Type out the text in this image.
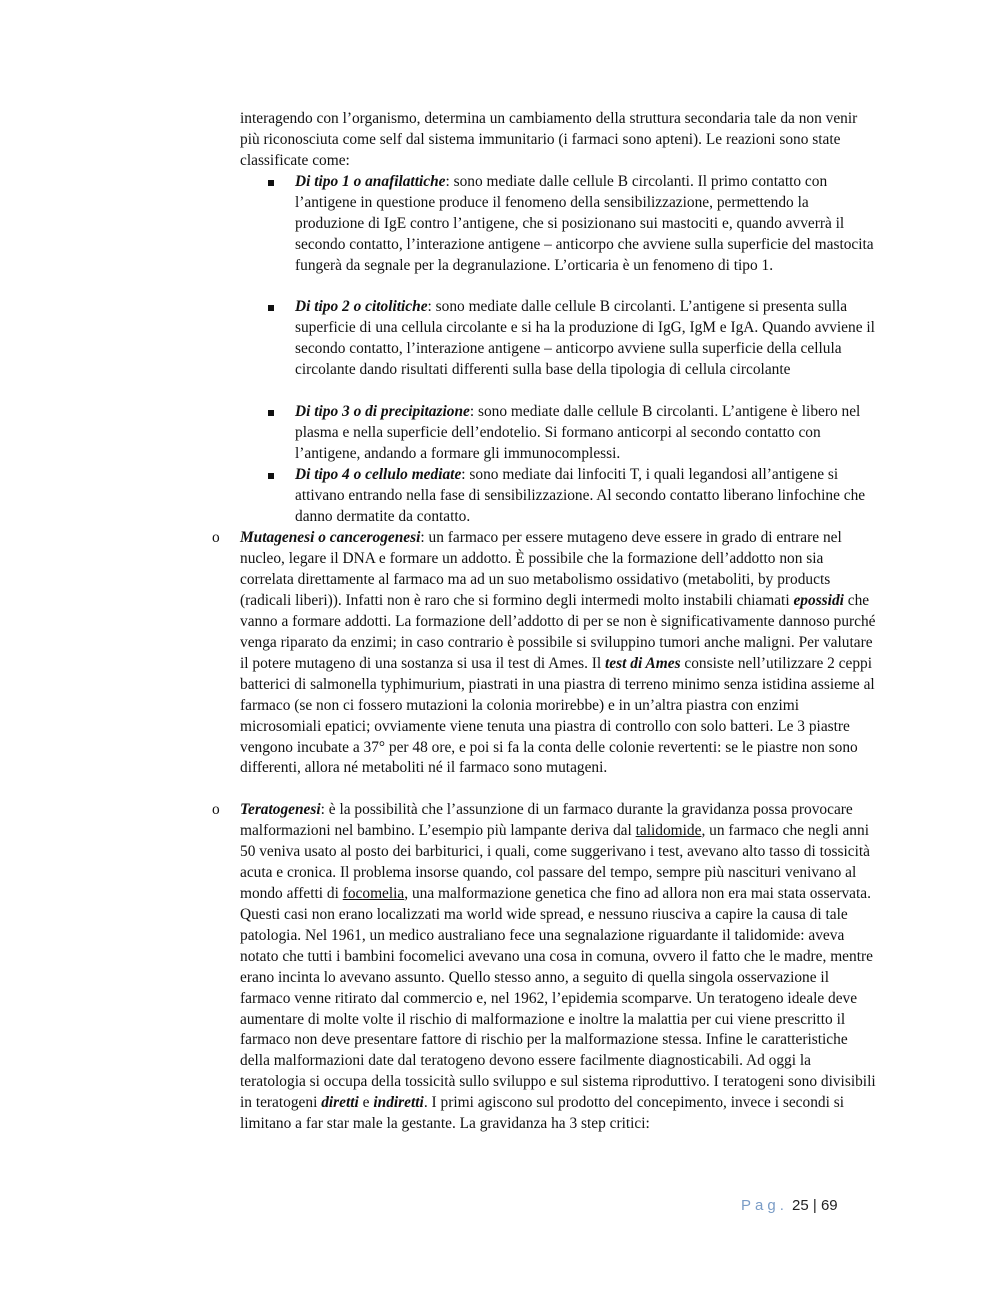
interagendo con l’organismo, determina un cambiamento della struttura secondaria tale da non venir più riconosciuta come self dal sistema immunitario (i farmaci sono apteni). Le reazioni sono state classificate come:
Di tipo 1 o anafilattiche: sono mediate dalle cellule B circolanti. Il primo contatto con l’antigene in questione produce il fenomeno della sensibilizzazione, permettendo la produzione di IgE contro l’antigene, che si posizionano sui mastociti e, quando avverrà il secondo contatto, l’interazione antigene – anticorpo che avviene sulla superficie del mastocita fungerà da segnale per la degranulazione. L’orticaria è un fenomeno di tipo 1.
Di tipo 2 o citolitiche: sono mediate dalle cellule B circolanti. L’antigene si presenta sulla superficie di una cellula circolante e si ha la produzione di IgG, IgM e IgA. Quando avviene il secondo contatto, l’interazione antigene – anticorpo avviene sulla superficie della cellula circolante dando risultati differenti sulla base della tipologia di cellula circolante
Di tipo 3 o di precipitazione: sono mediate dalle cellule B circolanti. L’antigene è libero nel plasma e nella superficie dell’endotelio. Si formano anticorpi al secondo contatto con l’antigene, andando a formare gli immunocomplessi.
Di tipo 4 o cellulo mediate: sono mediate dai linfociti T, i quali legandosi all’antigene si attivano entrando nella fase di sensibilizzazione. Al secondo contatto liberano linfochine che danno dermatite da contatto.
o Mutagenesi o cancerogenesi: un farmaco per essere mutageno deve essere in grado di entrare nel nucleo, legare il DNA e formare un addotto. È possibile che la formazione dell’addotto non sia correlata direttamente al farmaco ma ad un suo metabolismo ossidativo (metaboliti, by products (radicali liberi)). Infatti non è raro che si formino degli intermedi molto instabili chiamati epossidi che vanno a formare addotti. La formazione dell’addotto di per se non è significativamente dannoso purché venga riparato da enzimi; in caso contrario è possibile si sviluppino tumori anche maligni. Per valutare il potere mutageno di una sostanza si usa il test di Ames. Il test di Ames consiste nell’utilizzare 2 ceppi batterici di salmonella typhimurium, piastrati in una piastra di terreno minimo senza istidina assieme al farmaco (se non ci fossero mutazioni la colonia morirebbe) e in un’altra piastra con enzimi microsomiali epatici; ovviamente viene tenuta una piastra di controllo con solo batteri. Le 3 piastre vengono incubate a 37° per 48 ore, e poi si fa la conta delle colonie revertenti: se le piastre non sono differenti, allora né metaboliti né il farmaco sono mutageni.
o Teratogenesi: è la possibilità che l’assunzione di un farmaco durante la gravidanza possa provocare malformazioni nel bambino. L’esempio più lampante deriva dal talidomide, un farmaco che negli anni 50 veniva usato al posto dei barbiturici, i quali, come suggerivano i test, avevano alto tasso di tossicità acuta e cronica. Il problema insorse quando, col passare del tempo, sempre più nascituri venivano al mondo affetti di focomelia, una malformazione genetica che fino ad allora non era mai stata osservata. Questi casi non erano localizzati ma world wide spread, e nessuno riusciva a capire la causa di tale patologia. Nel 1961, un medico australiano fece una segnalazione riguardante il talidomide: aveva notato che tutti i bambini focomelici avevano una cosa in comuna, ovvero il fatto che le madre, mentre erano incinta lo avevano assunto. Quello stesso anno, a seguito di quella singola osservazione il farmaco venne ritirato dal commercio e, nel 1962, l’epidemia scomparve. Un teratogeno ideale deve aumentare di molte volte il rischio di malformazione e inoltre la malattia per cui viene prescritto il farmaco non deve presentare fattore di rischio per la malformazione stessa. Infine le caratteristiche della malformazioni date dal teratogeno devono essere facilmente diagnosticabili. Ad oggi la teratologia si occupa della tossicità sullo sviluppo e sul sistema riproduttivo. I teratogeni sono divisibili in teratogeni diretti e indiretti. I primi agiscono sul prodotto del concepimento, invece i secondi si limitano a far star male la gestante. La gravidanza ha 3 step critici:
Pag. 25 | 69
